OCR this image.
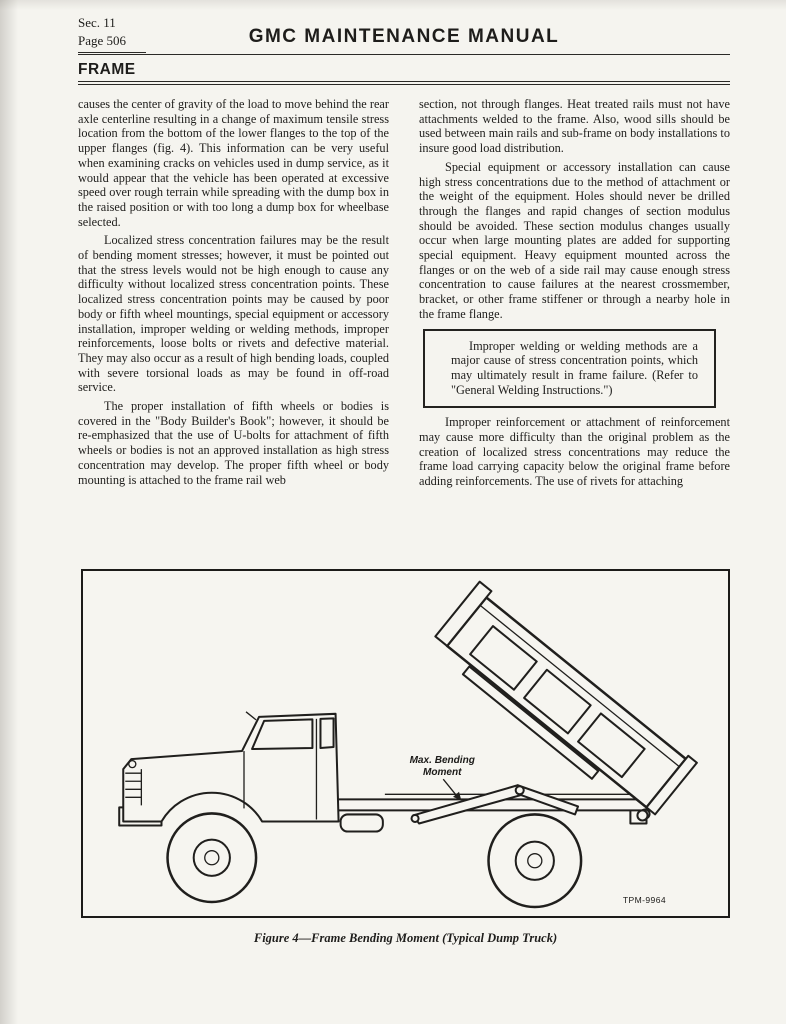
Sec. 11
Page 506	GMC MAINTENANCE MANUAL
FRAME

causes the center of gravity of the load to move behind the rear axle centerline resulting in a change of maximum tensile stress location from the bottom of the lower flanges to the top of the upper flanges (fig. 4). This information can be very useful when examining cracks on vehicles used in dump service, as it would appear that the vehicle has been operated at excessive speed over rough terrain while spreading with the dump box in the raised position or with too long a dump box for wheelbase selected.

Localized stress concentration failures may be the result of bending moment stresses; however, it must be pointed out that the stress levels would not be high enough to cause any difficulty without localized stress concentration points. These localized stress concentration points may be caused by poor body or fifth wheel mountings, special equipment or accessory installation, improper welding or welding methods, improper reinforcements, loose bolts or rivets and defective material. They may also occur as a result of high bending loads, coupled with severe torsional loads as may be found in off-road service.

The proper installation of fifth wheels or bodies is covered in the "Body Builder's Book"; however, it should be re-emphasized that the use of U-bolts for attachment of fifth wheels or bodies is not an approved installation as high stress concentration may develop. The proper fifth wheel or body mounting is attached to the frame rail web

section, not through flanges. Heat treated rails must not have attachments welded to the frame. Also, wood sills should be used between main rails and sub-frame on body installations to insure good load distribution.

Special equipment or accessory installation can cause high stress concentrations due to the method of attachment or the weight of the equipment. Holes should never be drilled through the flanges and rapid changes of section modulus should be avoided. These section modulus changes usually occur when large mounting plates are added for supporting special equipment. Heavy equipment mounted across the flanges or on the web of a side rail may cause enough stress concentration to cause failures at the nearest crossmember, bracket, or other frame stiffener or through a nearby hole in the frame flange.

Improper welding or welding methods are a major cause of stress concentration points, which may ultimately result in frame failure. (Refer to "General Welding Instructions.")

Improper reinforcement or attachment of reinforcement may cause more difficulty than the original problem as the creation of localized stress concentrations may reduce the frame load carrying capacity below the original frame before adding reinforcements. The use of rivets for attaching

Max. Bending
Moment
TPM-9964
Figure 4—Frame Bending Moment (Typical Dump Truck)
